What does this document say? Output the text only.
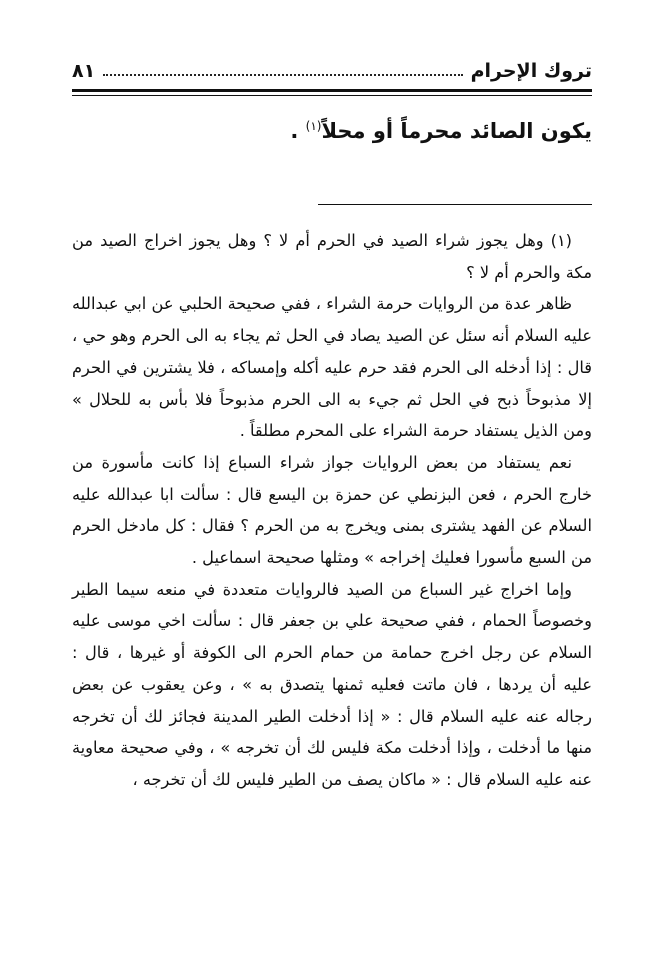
تروك الإحرام
٨١
يكون الصائد محرماً أو محلاً$^{(١)}$ .

(١) وهل يجوز شراء الصيد في الحرم أم لا ؟ وهل يجوز اخراج الصيد من مكة والحرم أم لا ؟

ظاهر عدة من الروايات حرمة الشراء ، ففي صحيحة الحلبي عن ابي عبدالله عليه السلام أنه سئل عن الصيد يصاد في الحل ثم يجاء به الى الحرم وهو حي ، قال : إذا أدخله الى الحرم فقد حرم عليه أكله وإمساكه ، فلا يشترين في الحرم إلا مذبوحاً ذبح في الحل ثم جيء به الى الحرم مذبوحاً فلا بأس به للحلال » ومن الذيل يستفاد حرمة الشراء على المحرم مطلقاً .

نعم يستفاد من بعض الروايات جواز شراء السباع إذا كانت مأسورة من خارج الحرم ، فعن البزنطي عن حمزة بن اليسع قال : سألت ابا عبدالله عليه السلام عن الفهد يشترى بمنى ويخرج به من الحرم ؟ فقال : كل مادخل الحرم من السبع مأسورا فعليك إخراجه » ومثلها صحيحة اسماعيل .

وإما اخراج غير السباع من الصيد فالروايات متعددة في منعه سيما الطير وخصوصاً الحمام ، ففي صحيحة علي بن جعفر قال : سألت اخي موسى عليه السلام عن رجل اخرج حمامة من حمام الحرم الى الكوفة أو غيرها ، قال : عليه أن يردها ، فان ماتت فعليه ثمنها يتصدق به » ، وعن يعقوب عن بعض رجاله عنه عليه السلام قال : « إذا أدخلت الطير المدينة فجائز لك أن تخرجه منها ما أدخلت ، وإذا أدخلت مكة فليس لك أن تخرجه » ، وفي صحيحة معاوية عنه عليه السلام قال : « ماكان يصف من الطير فليس لك أن تخرجه ،
